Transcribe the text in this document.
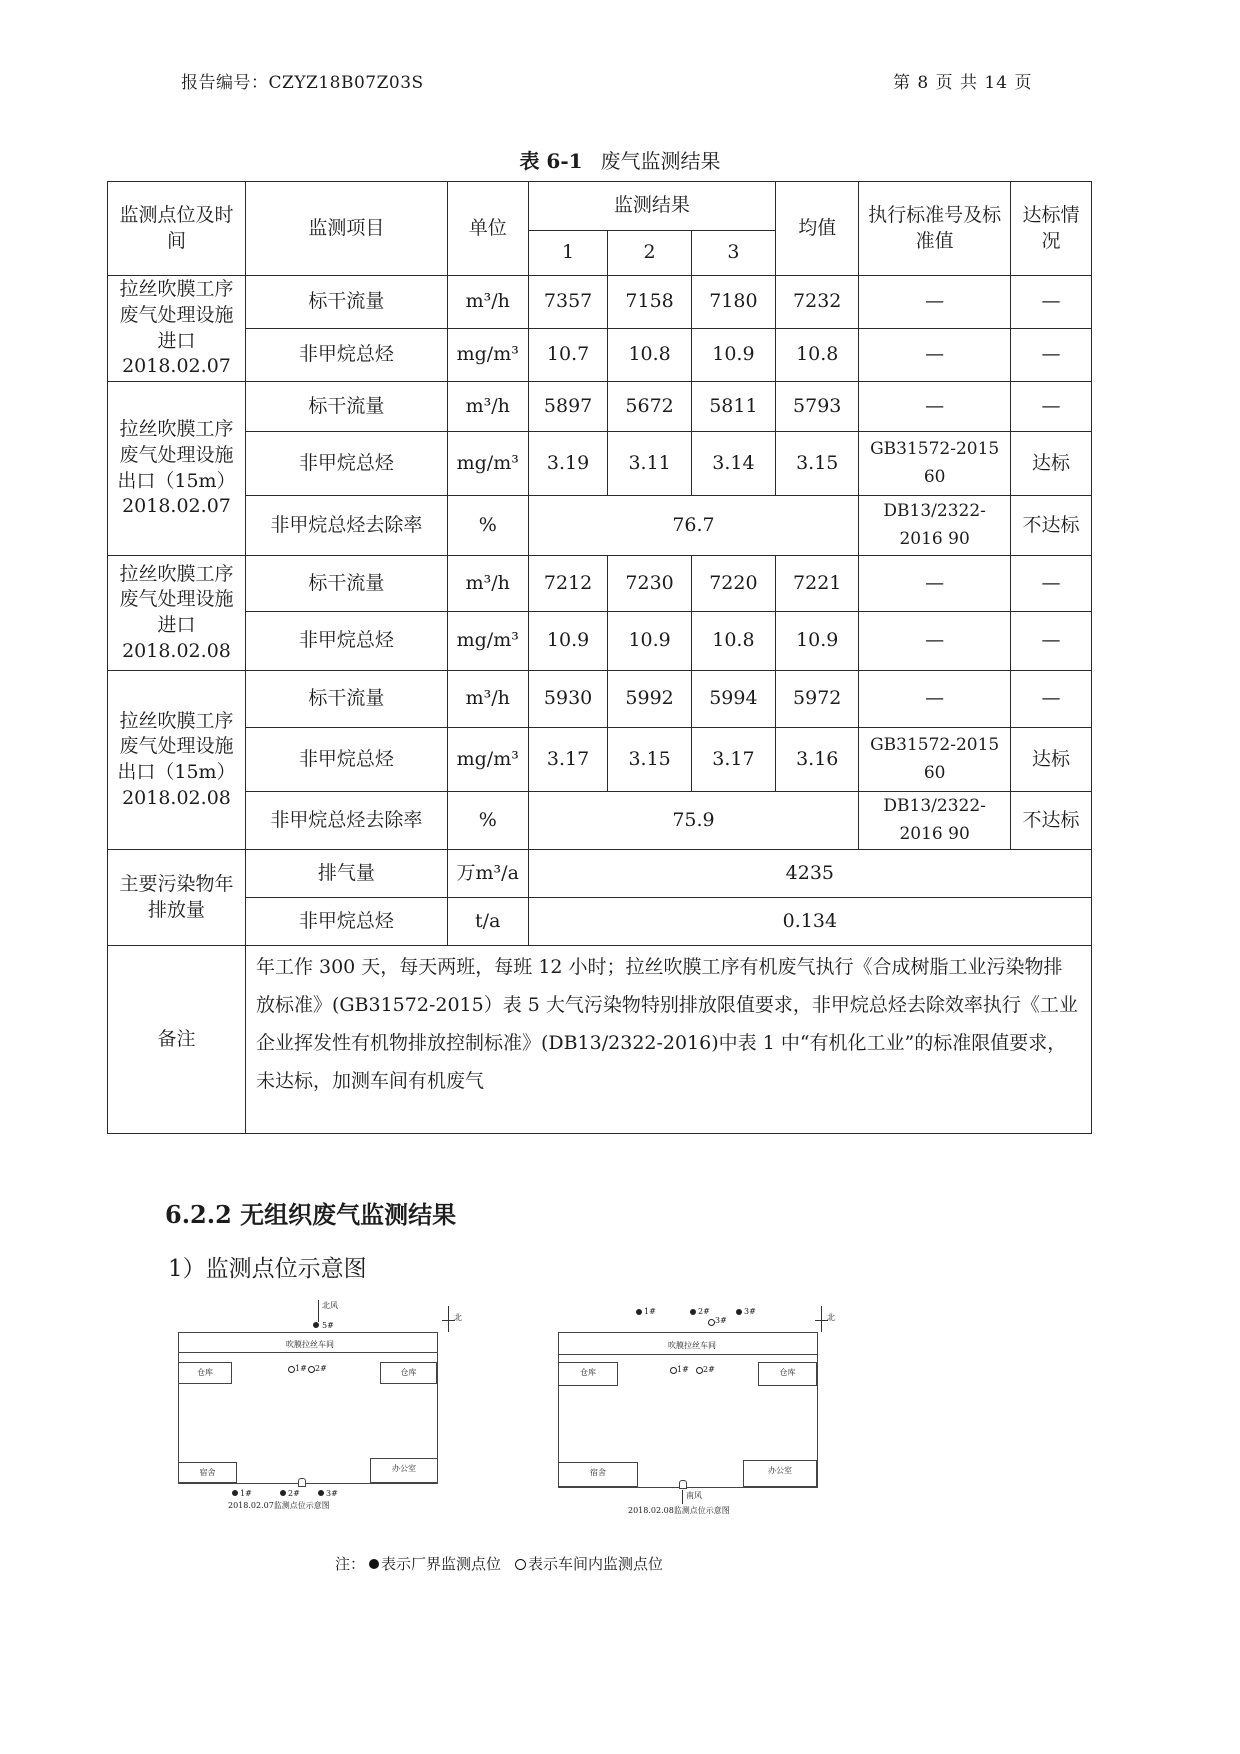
报告编号：CZYZ18B07Z03S	第 8 页 共 14 页
表 6-1 废气监测结果
监测点位及时间	监测项目	单位	监测结果			均值	执行标准号及标准值	达标情况
			1	2	3			
拉丝吹膜工序废气处理设施进口2018.02.07	标干流量	m³/h	7357	7158	7180	7232	—	—
	非甲烷总烃	mg/m³	10.7	10.8	10.9	10.8	—	—
拉丝吹膜工序废气处理设施出口（15m）2018.02.07	标干流量	m³/h	5897	5672	5811	5793	—	—
	非甲烷总烃	mg/m³	3.19	3.11	3.14	3.15	GB31572-2015 60	达标
	非甲烷总烃去除率	%	76.7				DB13/2322-2016 90	不达标
拉丝吹膜工序废气处理设施进口2018.02.08	标干流量	m³/h	7212	7230	7220	7221	—	—
	非甲烷总烃	mg/m³	10.9	10.9	10.8	10.9	—	—
拉丝吹膜工序废气处理设施出口（15m）2018.02.08	标干流量	m³/h	5930	5992	5994	5972	—	—
	非甲烷总烃	mg/m³	3.17	3.15	3.17	3.16	GB31572-2015 60	达标
	非甲烷总烃去除率	%	75.9				DB13/2322-2016 90	不达标
主要污染物年排放量	排气量	万m³/a	4235					
	非甲烷总烃	t/a	0.134					
备注	年工作 300 天，每天两班，每班 12 小时；拉丝吹膜工序有机废气执行《合成树脂工业污染物排放标准》(GB31572-2015）表 5 大气污染物特别排放限值要求，非甲烷总烃去除效率执行《工业企业挥发性有机物排放控制标准》(DB13/2322-2016)中表 1 中“有机化工业”的标准限值要求，未达标，加测车间有机废气							
6.2.2 无组织废气监测结果
1）监测点位示意图
北风
5#
北
吹膜拉丝车间
仓库	仓库
宿舍	办公室
1# 2#
1#	2#	3#
2018.02.07监测点位示意图
1#	2#
3#
3#
北
吹膜拉丝车间
仓库	仓库
宿舍	办公室
1# 2#
南风
2018.02.08监测点位示意图
注： 表示厂界监测点位 表示车间内监测点位
